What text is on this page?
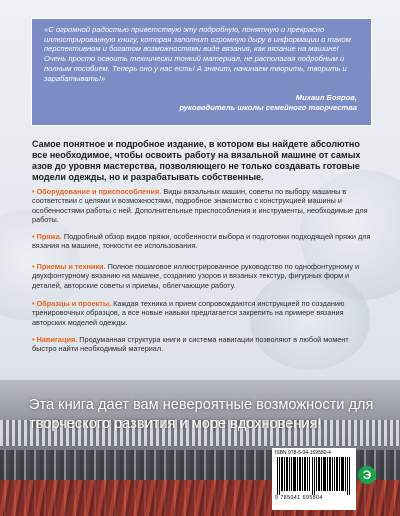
«С огромной радостью приветствую эту подробную, понятную и прекрасно иллюстрированную книгу, которая заполнит огромную дыру в информации о таком перспективном и богатом возможностями виде вязания, как вязание на машине! Очень просто освоить технически тонкий материал, не располагая подробным и полным пособием. Теперь оно у нас есть! А значит, начинаем творить, творить и зарабатывать!»

Михаил Бояров,
руководитель школы семейного творчества

Самое понятное и подробное издание, в котором вы найдете абсолютно все необходимое, чтобы освоить работу на вязальной машине от самых азов до уровня мастерства, позволяющего не только создавать готовые модели одежды, но и разрабатывать собственные.

• Оборудование и приспособления. Виды вязальных машин, советы по выбору машины в соответствии с целями и возможностями, подробное знакомство с конструкцией машины и особенностями работы с ней. Дополнительные приспособления и инструменты, необходимые для работы.

• Пряжа. Подробный обзор видов пряжи, особенности выбора и подготовки подходящей пряжи для вязания на машине, тонкости ее использования.

• Приемы и техники. Полное пошаговое иллюстрированное руководство по однофонтурному и двухфонтурному вязанию на машине, созданию узоров и вязаных текстур, фигурных форм и деталей, авторские советы и приемы, облегчающие работу.

• Образцы и проекты. Каждая техника и прием сопровождаются инструкцией по созданию тренировочных образцов, а все новые навыки предлагается закрепить на примере вязания авторских моделей одежды.

• Навигация. Продуманная структура книги и система навигации позволяют в любой момент быстро найти необходимый материал.

Эта книга дает вам невероятные возможности для творческого развития и море вдохновения!

ISBN 978-5-04-169580-4

9 785041 695804

Э
